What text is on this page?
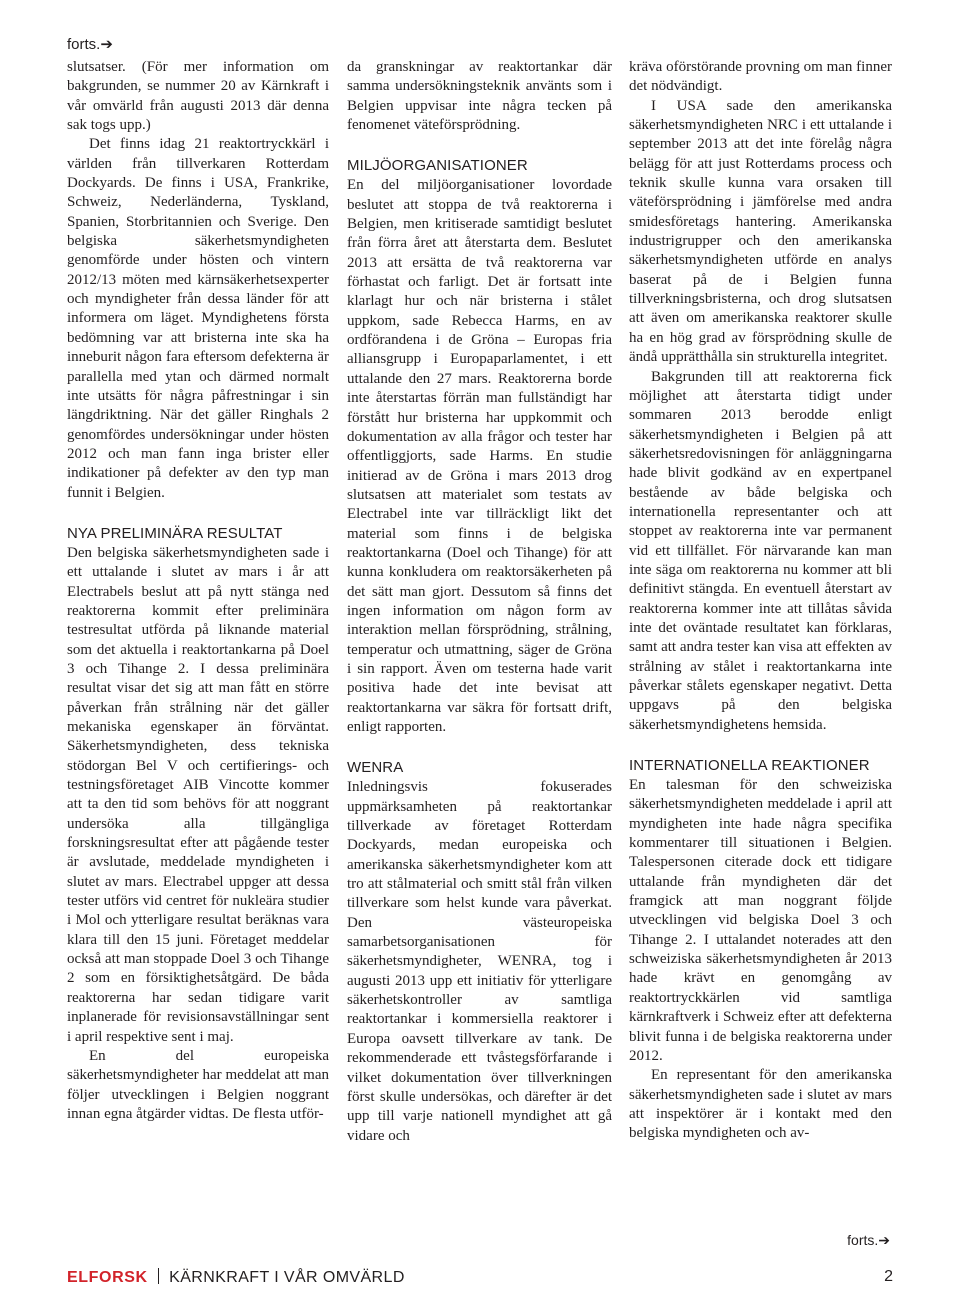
forts.➔

slutsatser. (För mer information om bakgrunden, se nummer 20 av Kärnkraft i vår omvärld från augusti 2013 där denna sak togs upp.)

Det finns idag 21 reaktortryckkärl i världen från tillverkaren Rotterdam Dockyards. De finns i USA, Frankrike, Schweiz, Nederländerna, Tyskland, Spanien, Storbritannien och Sverige. Den belgiska säkerhetsmyndigheten genomförde under hösten och vintern 2012/13 möten med kärnsäkerhetsexperter och myndigheter från dessa länder för att informera om läget. Myndighetens första bedömning var att bristerna inte ska ha inneburit någon fara eftersom defekterna är parallella med ytan och därmed normalt inte utsätts för några påfrestningar i sin längdriktning. När det gäller Ringhals 2 genomfördes undersökningar under hösten 2012 och man fann inga brister eller indikationer på defekter av den typ man funnit i Belgien.

NYA PRELIMINÄRA RESULTAT

Den belgiska säkerhetsmyndigheten sade i ett uttalande i slutet av mars i år att Electrabels beslut att på nytt stänga ned reaktorerna kommit efter preliminära testresultat utförda på liknande material som det aktuella i reaktortankarna på Doel 3 och Tihange 2. I dessa preliminära resultat visar det sig att man fått en större påverkan från strålning när det gäller mekaniska egenskaper än förväntat. Säkerhetsmyndigheten, dess tekniska stödorgan Bel V och certifierings- och testningsföretaget AIB Vincotte kommer att ta den tid som behövs för att noggrant undersöka alla tillgängliga forskningsresultat efter att pågående tester är avslutade, meddelade myndigheten i slutet av mars. Electrabel uppger att dessa tester utförs vid centret för nukleära studier i Mol och ytterligare resultat beräknas vara klara till den 15 juni. Företaget meddelar också att man stoppade Doel 3 och Tihange 2 som en försiktighetsåtgärd. De båda reaktorerna har sedan tidigare varit inplanerade för revisionsavställningar sent i april respektive sent i maj.

En del europeiska säkerhetsmyndigheter har meddelat att man följer utvecklingen i Belgien noggrant innan egna åtgärder vidtas. De flesta utför-

da granskningar av reaktortankar där samma undersökningsteknik använts som i Belgien uppvisar inte några tecken på fenomenet väteförsprödning.

MILJÖORGANISATIONER

En del miljöorganisationer lovordade beslutet att stoppa de två reaktorerna i Belgien, men kritiserade samtidigt beslutet från förra året att återstarta dem. Beslutet 2013 att ersätta de två reaktorerna var förhastat och farligt. Det är fortsatt inte klarlagt hur och när bristerna i stålet uppkom, sade Rebecca Harms, en av ordförandena i de Gröna – Europas fria alliansgrupp i Europaparlamentet, i ett uttalande den 27 mars. Reaktorerna borde inte återstartas förrän man fullständigt har förstått hur bristerna har uppkommit och dokumentation av alla frågor och tester har offentliggjorts, sade Harms. En studie initierad av de Gröna i mars 2013 drog slutsatsen att materialet som testats av Electrabel inte var tillräckligt likt det material som finns i de belgiska reaktortankarna (Doel och Tihange) för att kunna konkludera om reaktorsäkerheten på det sätt man gjort. Dessutom så finns det ingen information om någon form av interaktion mellan försprödning, strålning, temperatur och utmattning, säger de Gröna i sin rapport. Även om testerna hade varit positiva hade det inte bevisat att reaktortankarna var säkra för fortsatt drift, enligt rapporten.

WENRA

Inledningsvis fokuserades uppmärksamheten på reaktortankar tillverkade av företaget Rotterdam Dockyards, medan europeiska och amerikanska säkerhetsmyndigheter kom att tro att stålmaterial och smitt stål från vilken tillverkare som helst kunde vara påverkat. Den västeuropeiska samarbetsorganisationen för säkerhetsmyndigheter, WENRA, tog i augusti 2013 upp ett initiativ för ytterligare säkerhetskontroller av samtliga reaktortankar i kommersiella reaktorer i Europa oavsett tillverkare av tank. De rekommenderade ett tvåstegsförfarande i vilket dokumentation över tillverkningen först skulle undersökas, och därefter är det upp till varje nationell myndighet att gå vidare och

kräva oförstörande provning om man finner det nödvändigt.

I USA sade den amerikanska säkerhetsmyndigheten NRC i ett uttalande i september 2013 att det inte förelåg några belägg för att just Rotterdams process och teknik skulle kunna vara orsaken till väteförsprödning i jämförelse med andra smidesföretags hantering. Amerikanska industrigrupper och den amerikanska säkerhetsmyndigheten utförde en analys baserat på de i Belgien funna tillverkningsbristerna, och drog slutsatsen att även om amerikanska reaktorer skulle ha en hög grad av försprödning skulle de ändå upprätthålla sin strukturella integritet.

Bakgrunden till att reaktorerna fick möjlighet att återstarta tidigt under sommaren 2013 berodde enligt säkerhetsmyndigheten i Belgien på att säkerhetsredovisningen för anläggningarna hade blivit godkänd av en expertpanel bestående av både belgiska och internationella representanter och att stoppet av reaktorerna inte var permanent vid ett tillfället. För närvarande kan man inte säga om reaktorerna nu kommer att bli definitivt stängda. En eventuell återstart av reaktorerna kommer inte att tillåtas såvida inte det oväntade resultatet kan förklaras, samt att andra tester kan visa att effekten av strålning av stålet i reaktortankarna inte påverkar stålets egenskaper negativt. Detta uppgavs på den belgiska säkerhetsmyndighetens hemsida.

INTERNATIONELLA REAKTIONER

En talesman för den schweiziska säkerhetsmyndigheten meddelade i april att myndigheten inte hade några specifika kommentarer till situationen i Belgien. Talespersonen citerade dock ett tidigare uttalande från myndigheten där det framgick att man noggrant följde utvecklingen vid belgiska Doel 3 och Tihange 2. I uttalandet noterades att den schweiziska säkerhetsmyndigheten år 2013 hade krävt en genomgång av reaktortryckkärlen vid samtliga kärnkraftverk i Schweiz efter att defekterna blivit funna i de belgiska reaktorerna under 2012.

En representant för den amerikanska säkerhetsmyndigheten sade i slutet av mars att inspektörer är i kontakt med den belgiska myndigheten och av-

forts.➔
ELFORSK KÄRNKRAFT I VÅR OMVÄRLD	2
